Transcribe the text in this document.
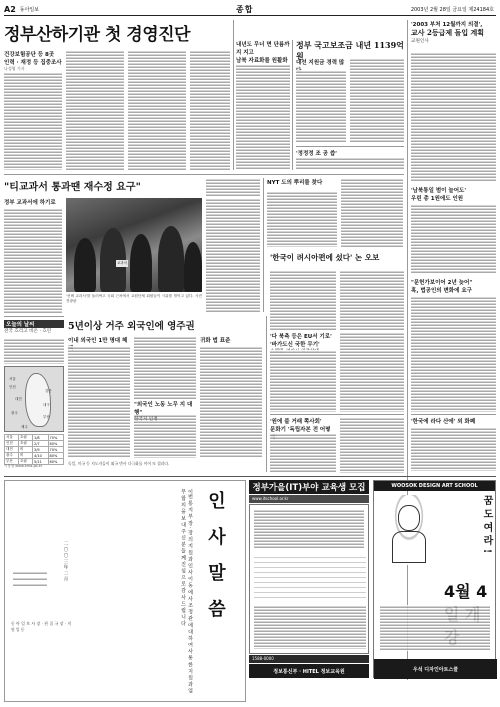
A2 동아일보	종합	2003년 2월 28일 금요일 제24184호
정부산하기관 첫 경영진단
건강보험공단 등 8곳
인력 · 재정 등 집중조사
나성엽 기자
내년도 무너 면 단름까지 지고
남북 자료화를 원활화
정부 국고보조금 내년 1139억원
대선 지원금 경력 많
'정정정 조 공 씁'
'2003 부처 12월까지 의결',
교사 2등급제 돌입 계획
교원인사
"티교과서 통과땐 재수정 요구"
정부 교과서에 하기로
교과서
'선택 교과서'를 둘러싸고 국회 근처에서 교원단체 회원들이 시위를 벌이고 있다. 사진 전광판
NYT 도의 뿌리를 찾다
'남북통일 범이 늘어도'
우린 총 1원에도 인원
오늘의 날씨
전국 흐리고 비온 · 흐린
서울
인천
강릉
대전
대구
광주
부산
제주
서울	흐림	1/8	70%
인천	흐림	2/7	60%
대전	비	3/9	70%
광주	비	4/10	80%
부산	흐림	5/11	60%
기상청 www.kma.go.kr	독일, 미국 등 지도자들이 외국 반사 다극화를 이어 또 결과다.
5년이상 거주 외국인에 영주권
이내 외국인 1만 명대 혜	귀화 법 표준
"외국인 노동 노무 지 대행"
한국지 인정
'한국이 려시아편에 섰다' 논 오보
'다 북측 등은 EU서 기로'
'바가도신 국한 무기'
'원에 불 거래 쪽사회'
문화기 '독립자본 전 어떻
"문헌가보이어 2년 늦어"
혹, 법공인의 변화에 요구
'한국에 라다 산에' 외 화폐
인사말씀
이번 통 지 부 장 · 장 의 지 원 과 인 사 이 동 에 사 조 정 관 에 대 하 여 사 통 한 지 원 과 업 무 합 의 을 보 내 주 신 분 들 께 진 심 으 로 감 사 드 립 니 다
二 〇 〇 三 年 二 月
동 아 일 보 사 장 · 편 집 국 장 · 직 원 일 동
정부가을(IT)부야 교육생 모집
www.itschool.or.kr
1588-0000
정보통신부 · HITEL 정보교육원
WOOSOK DESIGN ART SCHOOL
꿈 도 여 라 !
4월 4
우석 디자인아트스쿨
